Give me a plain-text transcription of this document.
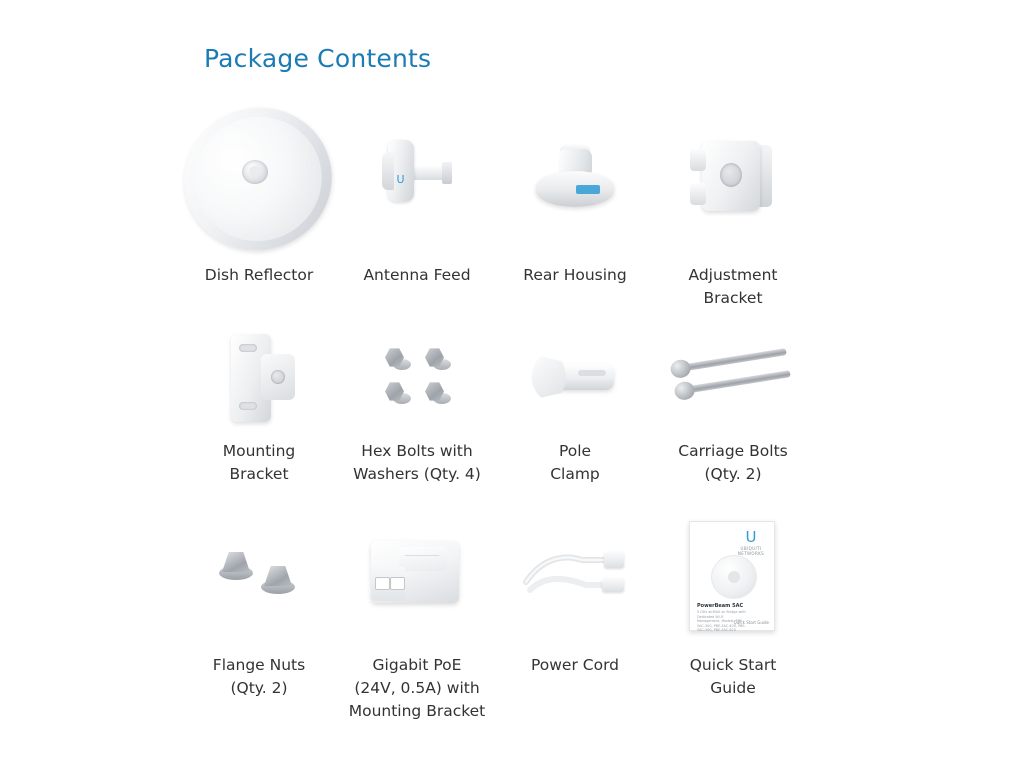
Package Contents
Dish Reflector
U
Antenna Feed	Rear Housing	Adjustment
Bracket
Mounting
Bracket
Hex Bolts with
Washers (Qty. 4)
Pole
Clamp
Carriage Bolts
(Qty. 2)
Flange Nuts
(Qty. 2)
Gigabit PoE
(24V, 0.5A) with
Mounting Bracket
Power Cord
U
UBIQUITI NETWORKS
PowerBeam 5AC
5 GHz airMAX ac Bridge with Dedicated Wi-Fi Management, Models: PBE-5AC-300, PBE-5AC-400, PBE-5AC-500, PBE-5AC-620
Quick Start Guide
Quick Start
Guide
